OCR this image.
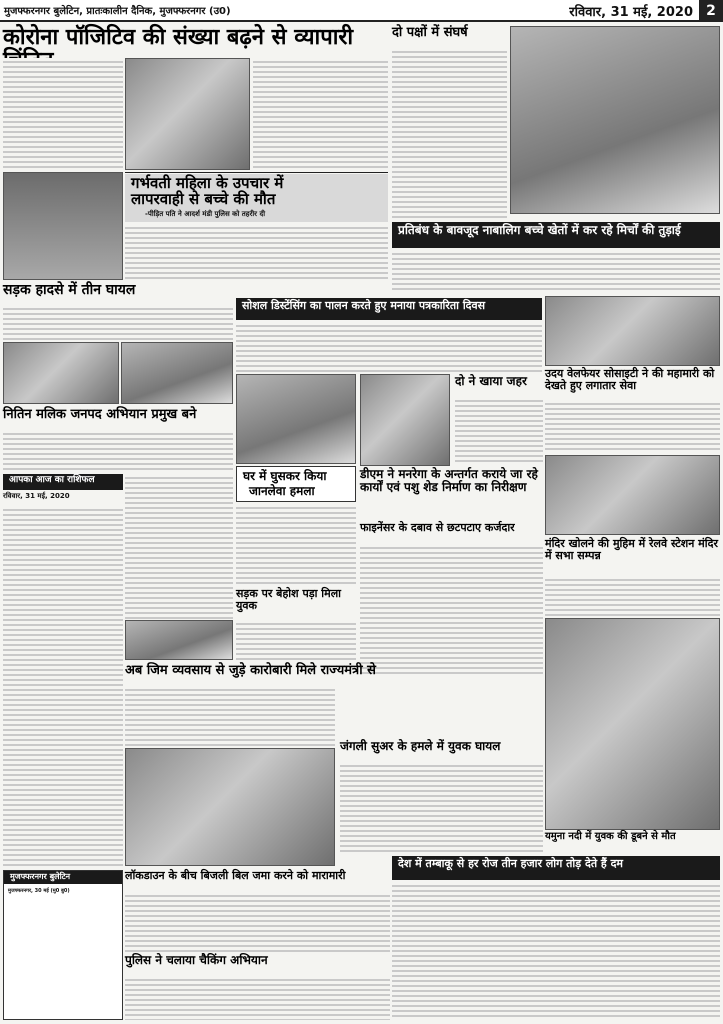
मुजफ्फरनगर बुलेटिन, प्रातःकालीन दैनिक, मुजफ्फरनगर (उ0)	रविवार, 31 मई, 2020 2
कोरोना पॉजिटिव की संख्या बढ़ने से व्यापारी	दो पक्षों में संघर्ष
गर्भवती महिला के उपचार में
लापरवाही से बच्चे की मौत
-पीड़ित पति ने आदर्श मंडी पुलिस को तहरीर दी
प्रतिबंध के बावजूद नाबालिग बच्चे खेतों में कर रहे मिर्चों की तुड़ाई
सड़क हादसे में तीन घायल
सोशल डिस्टेंसिंग का पालन करते हुए मनाया पत्रकारिता दिवस
उदय वेलफेयर सोसाइटी ने की महामारी को देखते हुए लगातार सेवा
नितिन मलिक जनपद अभियान प्रमुख बने
घर में घुसकर किया
जानलेवा हमला
दो ने खाया जहर
डीएम ने मनरेगा के अन्तर्गत कराये जा रहे कार्यों एवं पशु शेड निर्माण का निरीक्षण
आपका आज का राशिफल
रविवार, 31 मई, 2020
मंदिर खोलने की मुहिम में रेलवे स्टेशन मंदिर में सभा सम्पन्न
सड़क पर बेहोश पड़ा मिला युवक
फाइनेंसर के दबाव से छटपटाए कर्जदार
अब जिम व्यवसाय से जुड़े कारोबारी मिले राज्यमंत्री से
जंगली सुअर के हमले में युवक घायल
यमुना नदी में युवक की डूबने से मौत
लॉकडाउन के बीच बिजली बिल जमा करने को मारामारी
देश में तम्बाकू से हर रोज तीन हजार लोग तोड़ देते हैं दम
पुलिस ने चलाया चैकिंग अभियान
मुजफ्फरनगर बुलेटिन
मुजफ्फरनगर, 30 मई (मु0 बु0)
